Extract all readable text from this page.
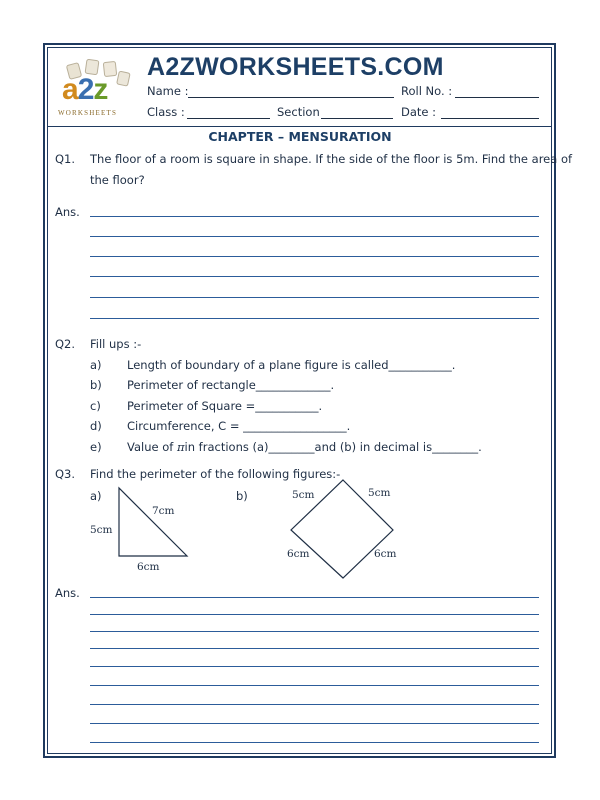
a2z
WORKSHEETS
A2ZWORKSHEETS.COM
Name :	Roll No. :
Class :	Section	Date :
CHAPTER – MENSURATION
Q1. The floor of a room is square in shape. If the side of the floor is 5m. Find the area of
the floor?
Ans.
Q2. Fill ups :-
a) Length of boundary of a plane figure is called___________.
b) Perimeter of rectangle_____________.
c) Perimeter of Square =___________.
d) Circumference, C = __________________.
e) Value of πin fractions (a)________and (b) in decimal is________.
Q3. Find the perimeter of the following figures:-
a)
5cm
7cm
6cm
b)	5cm	5cm
6cm	6cm
Ans.
